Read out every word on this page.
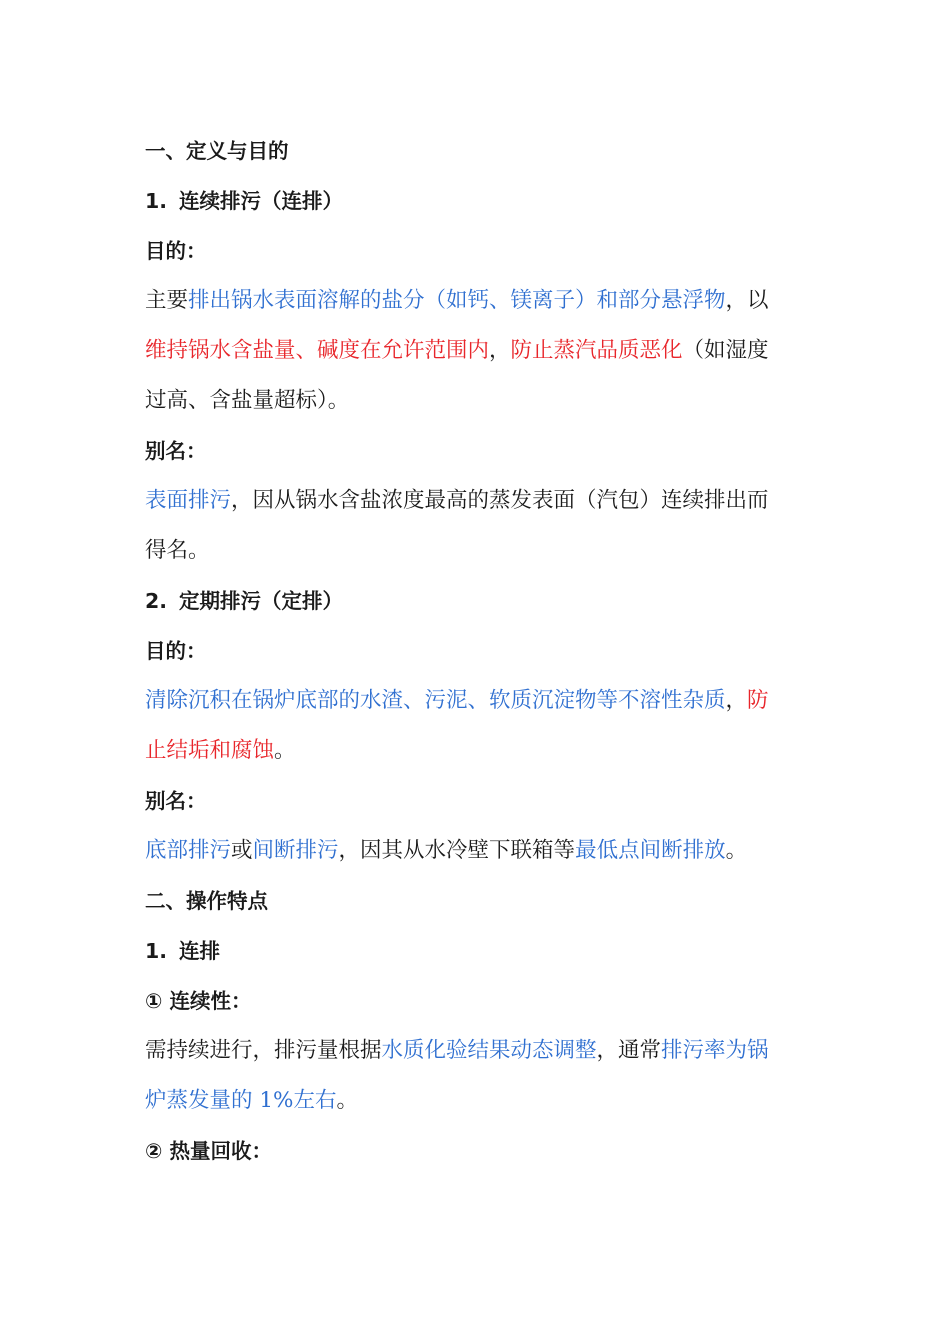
一、定义与目的
1. 连续排污（连排）
目的：
主要排出锅水表面溶解的盐分（如钙、镁离子）和部分悬浮物，以
维持锅水含盐量、碱度在允许范围内，防止蒸汽品质恶化（如湿度
过高、含盐量超标）。
别名：
表面排污，因从锅水含盐浓度最高的蒸发表面（汽包）连续排出而
得名。
2. 定期排污（定排）
目的：
清除沉积在锅炉底部的水渣、污泥、软质沉淀物等不溶性杂质，防
止结垢和腐蚀。
别名：
底部排污或间断排污，因其从水冷壁下联箱等最低点间断排放。
二、操作特点
1. 连排
① 连续性：
需持续进行，排污量根据水质化验结果动态调整，通常排污率为锅
炉蒸发量的 1%左右。
② 热量回收：
